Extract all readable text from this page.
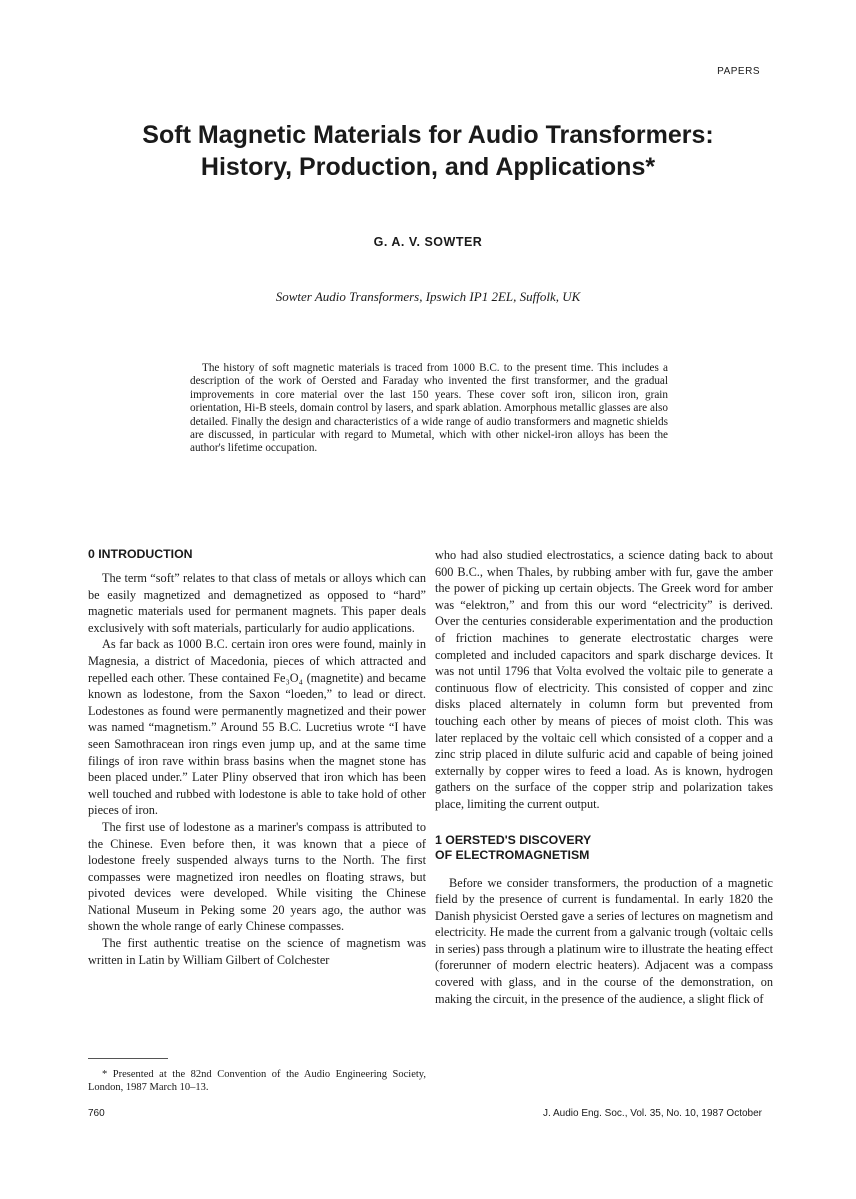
PAPERS
Soft Magnetic Materials for Audio Transformers:
History, Production, and Applications*
G. A. V. SOWTER
Sowter Audio Transformers, Ipswich IP1 2EL, Suffolk, UK

The history of soft magnetic materials is traced from 1000 B.C. to the present time. This includes a description of the work of Oersted and Faraday who invented the first transformer, and the gradual improvements in core material over the last 150 years. These cover soft iron, silicon iron, grain orientation, Hi-B steels, domain control by lasers, and spark ablation. Amorphous metallic glasses are also detailed. Finally the design and characteristics of a wide range of audio transformers and magnetic shields are discussed, in particular with regard to Mumetal, which with other nickel-iron alloys has been the author's lifetime occupation.

0 INTRODUCTION

The term “soft” relates to that class of metals or alloys which can be easily magnetized and demagnetized as opposed to “hard” magnetic materials used for permanent magnets. This paper deals exclusively with soft materials, particularly for audio applications.

As far back as 1000 B.C. certain iron ores were found, mainly in Magnesia, a district of Macedonia, pieces of which attracted and repelled each other. These contained Fe₃O₄ (magnetite) and became known as lodestone, from the Saxon “loeden,” to lead or direct. Lodestones as found were permanently magnetized and their power was named “magnetism.” Around 55 B.C. Lucretius wrote “I have seen Samothracean iron rings even jump up, and at the same time filings of iron rave within brass basins when the magnet stone has been placed under.” Later Pliny observed that iron which has been well touched and rubbed with lodestone is able to take hold of other pieces of iron.

The first use of lodestone as a mariner's compass is attributed to the Chinese. Even before then, it was known that a piece of lodestone freely suspended always turns to the North. The first compasses were magnetized iron needles on floating straws, but pivoted devices were developed. While visiting the Chinese National Museum in Peking some 20 years ago, the author was shown the whole range of early Chinese compasses.

The first authentic treatise on the science of magnetism was written in Latin by William Gilbert of Colchester

who had also studied electrostatics, a science dating back to about 600 B.C., when Thales, by rubbing amber with fur, gave the amber the power of picking up certain objects. The Greek word for amber was “elektron,” and from this our word “electricity” is derived. Over the centuries considerable experimentation and the production of friction machines to generate electrostatic charges were completed and included capacitors and spark discharge devices. It was not until 1796 that Volta evolved the voltaic pile to generate a continuous flow of electricity. This consisted of copper and zinc disks placed alternately in column form but prevented from touching each other by means of pieces of moist cloth. This was later replaced by the voltaic cell which consisted of a copper and a zinc strip placed in dilute sulfuric acid and capable of being joined externally by copper wires to feed a load. As is known, hydrogen gathers on the surface of the copper strip and polarization takes place, limiting the current output.

1 OERSTED'S DISCOVERY
OF ELECTROMAGNETISM

Before we consider transformers, the production of a magnetic field by the presence of current is fundamental. In early 1820 the Danish physicist Oersted gave a series of lectures on magnetism and electricity. He made the current from a galvanic trough (voltaic cells in series) pass through a platinum wire to illustrate the heating effect (forerunner of modern electric heaters). Adjacent was a compass covered with glass, and in the course of the demonstration, on making the circuit, in the presence of the audience, a slight flick of

* Presented at the 82nd Convention of the Audio Engineering Society, London, 1987 March 10–13.

760	J. Audio Eng. Soc., Vol. 35, No. 10, 1987 October
